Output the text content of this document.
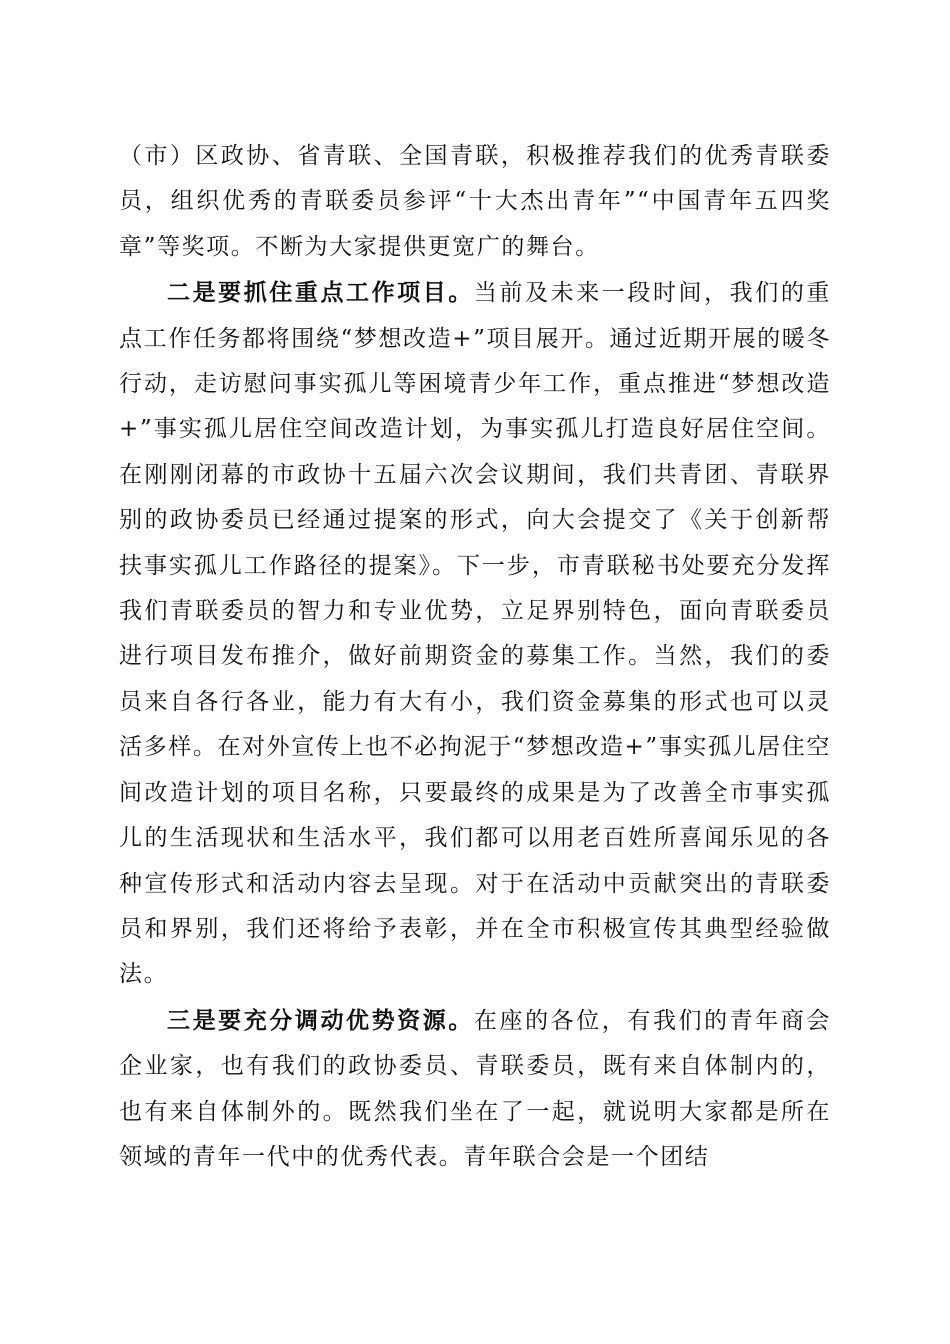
（市）区政协、省青联、全国青联，积极推荐我们的优秀青联委员，组织优秀的青联委员参评“十大杰出青年”“中国青年五四奖章”等奖项。不断为大家提供更宽广的舞台。

二是要抓住重点工作项目。当前及未来一段时间，我们的重点工作任务都将围绕“梦想改造+”项目展开。通过近期开展的暖冬行动，走访慰问事实孤儿等困境青少年工作，重点推进“梦想改造+”事实孤儿居住空间改造计划，为事实孤儿打造良好居住空间。在刚刚闭幕的市政协十五届六次会议期间，我们共青团、青联界别的政协委员已经通过提案的形式，向大会提交了《关于创新帮扶事实孤儿工作路径的提案》。下一步，市青联秘书处要充分发挥我们青联委员的智力和专业优势，立足界别特色，面向青联委员进行项目发布推介，做好前期资金的募集工作。当然，我们的委员来自各行各业，能力有大有小，我们资金募集的形式也可以灵活多样。在对外宣传上也不必拘泥于“梦想改造+”事实孤儿居住空间改造计划的项目名称，只要最终的成果是为了改善全市事实孤儿的生活现状和生活水平，我们都可以用老百姓所喜闻乐见的各种宣传形式和活动内容去呈现。对于在活动中贡献突出的青联委员和界别，我们还将给予表彰，并在全市积极宣传其典型经验做法。

三是要充分调动优势资源。在座的各位，有我们的青年商会企业家，也有我们的政协委员、青联委员，既有来自体制内的，也有来自体制外的。既然我们坐在了一起，就说明大家都是所在领域的青年一代中的优秀代表。青年联合会是一个团结
